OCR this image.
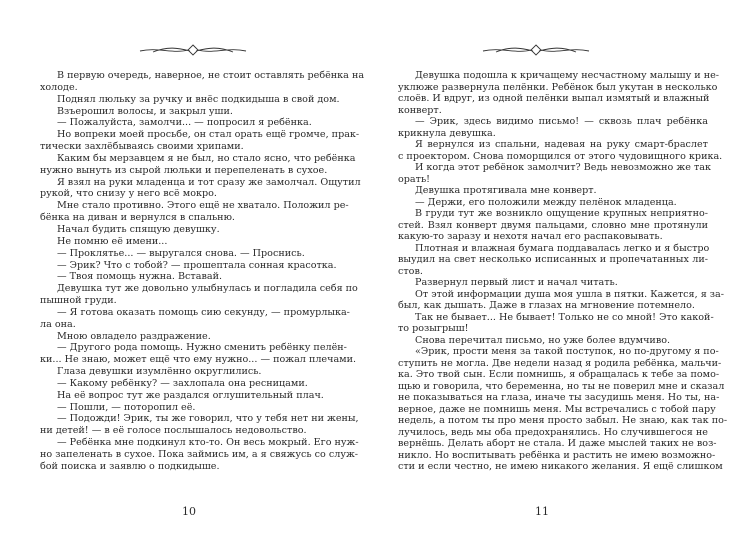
В первую очередь, наверное, не стоит оставлять ребёнка на
холоде.
Поднял люльку за ручку и внёс подкидыша в свой дом.
Взъерошил волосы, и закрыл уши.
— Пожалуйста, замолчи... — попросил я ребёнка.
Но вопреки моей просьбе, он стал орать ещё громче, прак-
тически захлёбываясь своими хрипами.
Каким бы мерзавцем я не был, но стало ясно, что ребёнка
нужно вынуть из сырой люльки и перепеленать в сухое.
Я взял на руки младенца и тот сразу же замолчал. Ощутил
рукой, что снизу у него всё мокро.
Мне стало противно. Этого ещё не хватало. Положил ре-
бёнка на диван и вернулся в спальню.
Начал будить спящую девушку.
Не помню её имени...
— Проклятье... — выругался снова. — Проснись.
— Эрик? Что с тобой? — прошептала сонная красотка.
— Твоя помощь нужна. Вставай.
Девушка тут же довольно улыбнулась и погладила себя по
пышной груди.
— Я готова оказать помощь сию секунду, — промурлыка-
ла она.
Мною овладело раздражение.
— Другого рода помощь. Нужно сменить ребёнку пелён-
ки... Не знаю, может ещё что ему нужно... — пожал плечами.
Глаза девушки изумлённо округлились.
— Какому ребёнку? — захлопала она ресницами.
На её вопрос тут же раздался оглушительный плач.
— Пошли, — поторопил её.
— Подожди! Эрик, ты же говорил, что у тебя нет ни жены,
ни детей! — в её голосе послышалось недовольство.
— Ребёнка мне подкинул кто-то. Он весь мокрый. Его нуж-
но запеленать в сухое. Пока займись им, а я свяжусь со служ-
бой поиска и заявлю о подкидыше.
10
Девушка подошла к кричащему несчастному малышу и не-
уклюже развернула пелёнки. Ребёнок был укутан в несколько
слоёв. И вдруг, из одной пелёнки выпал измятый и влажный
конверт.
— Эрик, здесь видимо письмо! — сквозь плач ребёнка
крикнула девушка.
Я вернулся из спальни, надевая на руку смарт-браслет
с проектором. Снова поморщился от этого чудовищного крика.
И когда этот ребёнок замолчит? Ведь невозможно же так
орать!
Девушка протягивала мне конверт.
— Держи, его положили между пелёнок младенца.
В груди тут же возникло ощущение крупных неприятно-
стей. Взял конверт двумя пальцами, словно мне протянули
какую-то заразу и нехотя начал его распаковывать.
Плотная и влажная бумага поддавалась легко и я быстро
выудил на свет несколько исписанных и пропечатанных ли-
стов.
Развернул первый лист и начал читать.
От этой информации душа моя ушла в пятки. Кажется, я за-
был, как дышать. Даже в глазах на мгновение потемнело.
Так не бывает... Не бывает! Только не со мной! Это какой-
то розыгрыш!
Снова перечитал письмо, но уже более вдумчиво.
«Эрик, прости меня за такой поступок, но по-другому я по-
ступить не могла. Две недели назад я родила ребёнка, мальчи-
ка. Это твой сын. Если помнишь, я обращалась к тебе за помо-
щью и говорила, что беременна, но ты не поверил мне и сказал
не показываться на глаза, иначе ты засудишь меня. Но ты, на-
верное, даже не помнишь меня. Мы встречались с тобой пару
недель, а потом ты про меня просто забыл. Не знаю, как так по-
лучилось, ведь мы оба предохранялись. Но случившегося не
вернёшь. Делать аборт не стала. И даже мыслей таких не воз-
никло. Но воспитывать ребёнка и растить не имею возможно-
сти и если честно, не имею никакого желания. Я ещё слишком
11
